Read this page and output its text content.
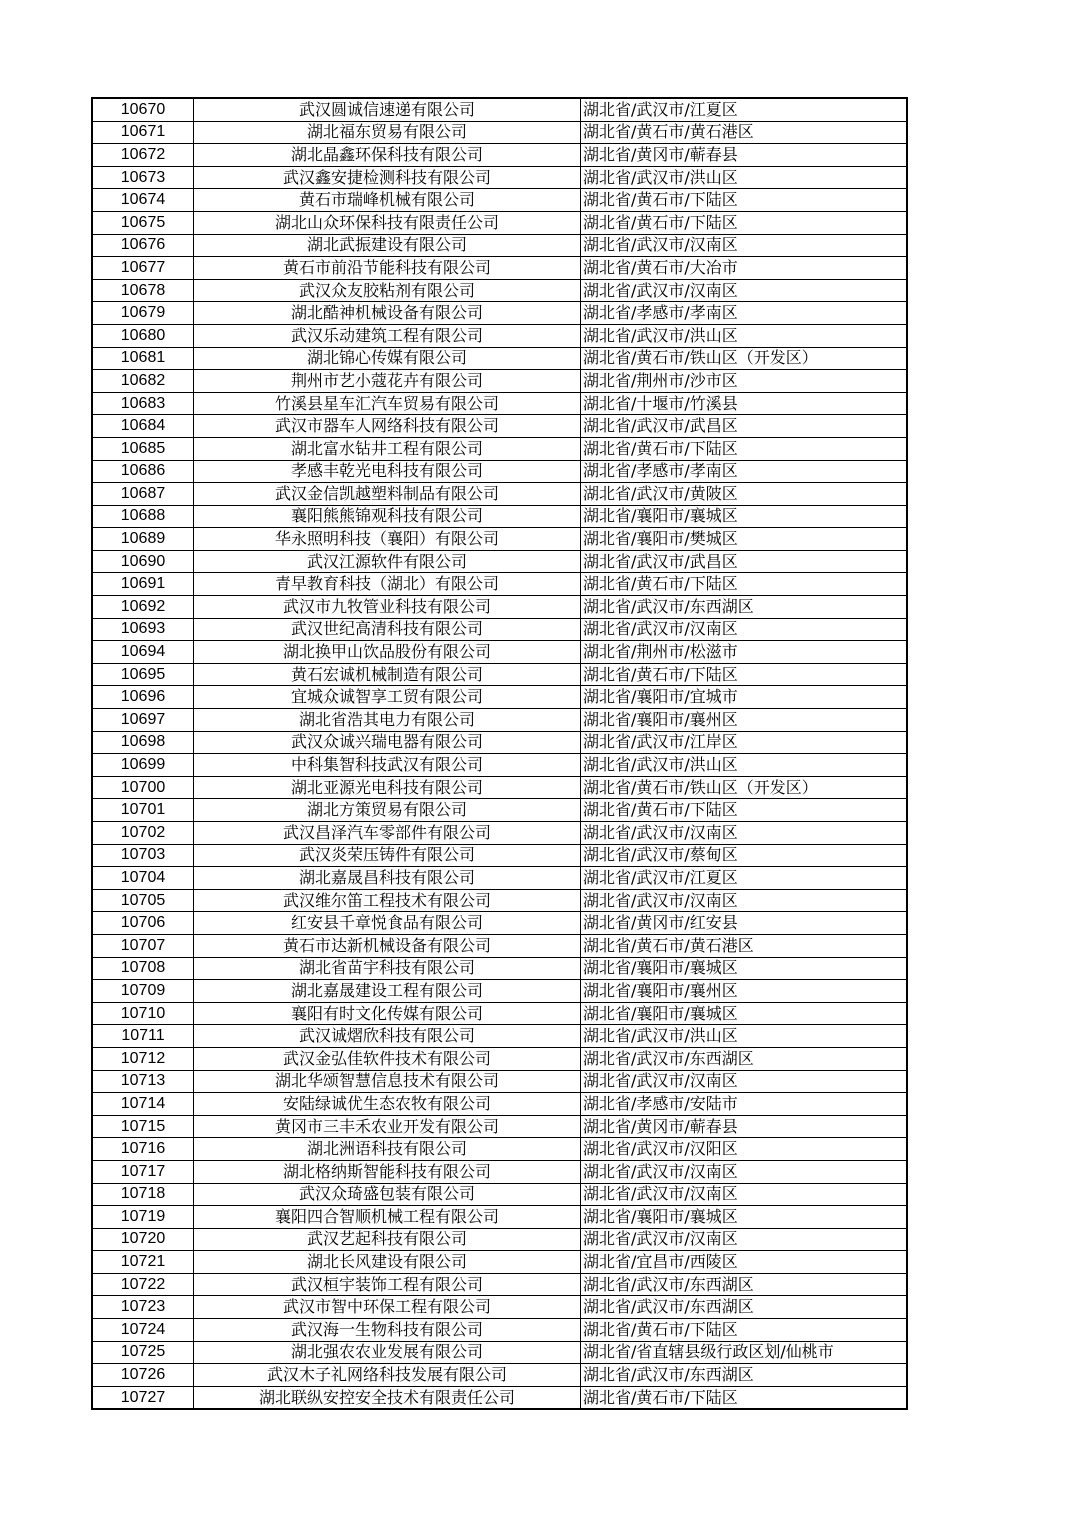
10670	武汉圆诚信速递有限公司	湖北省/武汉市/江夏区
10671	湖北福东贸易有限公司	湖北省/黄石市/黄石港区
10672	湖北晶鑫环保科技有限公司	湖北省/黄冈市/蕲春县
10673	武汉鑫安捷检测科技有限公司	湖北省/武汉市/洪山区
10674	黄石市瑞峰机械有限公司	湖北省/黄石市/下陆区
10675	湖北山众环保科技有限责任公司	湖北省/黄石市/下陆区
10676	湖北武振建设有限公司	湖北省/武汉市/汉南区
10677	黄石市前沿节能科技有限公司	湖北省/黄石市/大冶市
10678	武汉众友胶粘剂有限公司	湖北省/武汉市/汉南区
10679	湖北酷神机械设备有限公司	湖北省/孝感市/孝南区
10680	武汉乐动建筑工程有限公司	湖北省/武汉市/洪山区
10681	湖北锦心传媒有限公司	湖北省/黄石市/铁山区（开发区）
10682	荆州市艺小蔻花卉有限公司	湖北省/荆州市/沙市区
10683	竹溪县星车汇汽车贸易有限公司	湖北省/十堰市/竹溪县
10684	武汉市器车人网络科技有限公司	湖北省/武汉市/武昌区
10685	湖北富水钻井工程有限公司	湖北省/黄石市/下陆区
10686	孝感丰乾光电科技有限公司	湖北省/孝感市/孝南区
10687	武汉金信凯越塑料制品有限公司	湖北省/武汉市/黄陂区
10688	襄阳熊熊锦观科技有限公司	湖北省/襄阳市/襄城区
10689	华永照明科技（襄阳）有限公司	湖北省/襄阳市/樊城区
10690	武汉江源软件有限公司	湖北省/武汉市/武昌区
10691	青早教育科技（湖北）有限公司	湖北省/黄石市/下陆区
10692	武汉市九牧管业科技有限公司	湖北省/武汉市/东西湖区
10693	武汉世纪高清科技有限公司	湖北省/武汉市/汉南区
10694	湖北换甲山饮品股份有限公司	湖北省/荆州市/松滋市
10695	黄石宏诚机械制造有限公司	湖北省/黄石市/下陆区
10696	宜城众诚智享工贸有限公司	湖北省/襄阳市/宜城市
10697	湖北省浩其电力有限公司	湖北省/襄阳市/襄州区
10698	武汉众诚兴瑞电器有限公司	湖北省/武汉市/江岸区
10699	中科集智科技武汉有限公司	湖北省/武汉市/洪山区
10700	湖北亚源光电科技有限公司	湖北省/黄石市/铁山区（开发区）
10701	湖北方策贸易有限公司	湖北省/黄石市/下陆区
10702	武汉昌泽汽车零部件有限公司	湖北省/武汉市/汉南区
10703	武汉炎荣压铸件有限公司	湖北省/武汉市/蔡甸区
10704	湖北嘉晟昌科技有限公司	湖北省/武汉市/江夏区
10705	武汉维尔笛工程技术有限公司	湖北省/武汉市/汉南区
10706	红安县千章悦食品有限公司	湖北省/黄冈市/红安县
10707	黄石市达新机械设备有限公司	湖北省/黄石市/黄石港区
10708	湖北省苗宇科技有限公司	湖北省/襄阳市/襄城区
10709	湖北嘉晟建设工程有限公司	湖北省/襄阳市/襄州区
10710	襄阳有时文化传媒有限公司	湖北省/襄阳市/襄城区
10711	武汉诚熠欣科技有限公司	湖北省/武汉市/洪山区
10712	武汉金弘佳软件技术有限公司	湖北省/武汉市/东西湖区
10713	湖北华颂智慧信息技术有限公司	湖北省/武汉市/汉南区
10714	安陆绿诚优生态农牧有限公司	湖北省/孝感市/安陆市
10715	黄冈市三丰禾农业开发有限公司	湖北省/黄冈市/蕲春县
10716	湖北洲语科技有限公司	湖北省/武汉市/汉阳区
10717	湖北格纳斯智能科技有限公司	湖北省/武汉市/汉南区
10718	武汉众琦盛包装有限公司	湖北省/武汉市/汉南区
10719	襄阳四合智顺机械工程有限公司	湖北省/襄阳市/襄城区
10720	武汉艺起科技有限公司	湖北省/武汉市/汉南区
10721	湖北长风建设有限公司	湖北省/宜昌市/西陵区
10722	武汉桓宇装饰工程有限公司	湖北省/武汉市/东西湖区
10723	武汉市智中环保工程有限公司	湖北省/武汉市/东西湖区
10724	武汉海一生物科技有限公司	湖北省/黄石市/下陆区
10725	湖北强农农业发展有限公司	湖北省/省直辖县级行政区划/仙桃市
10726	武汉木子礼网络科技发展有限公司	湖北省/武汉市/东西湖区
10727	湖北联纵安控安全技术有限责任公司	湖北省/黄石市/下陆区
